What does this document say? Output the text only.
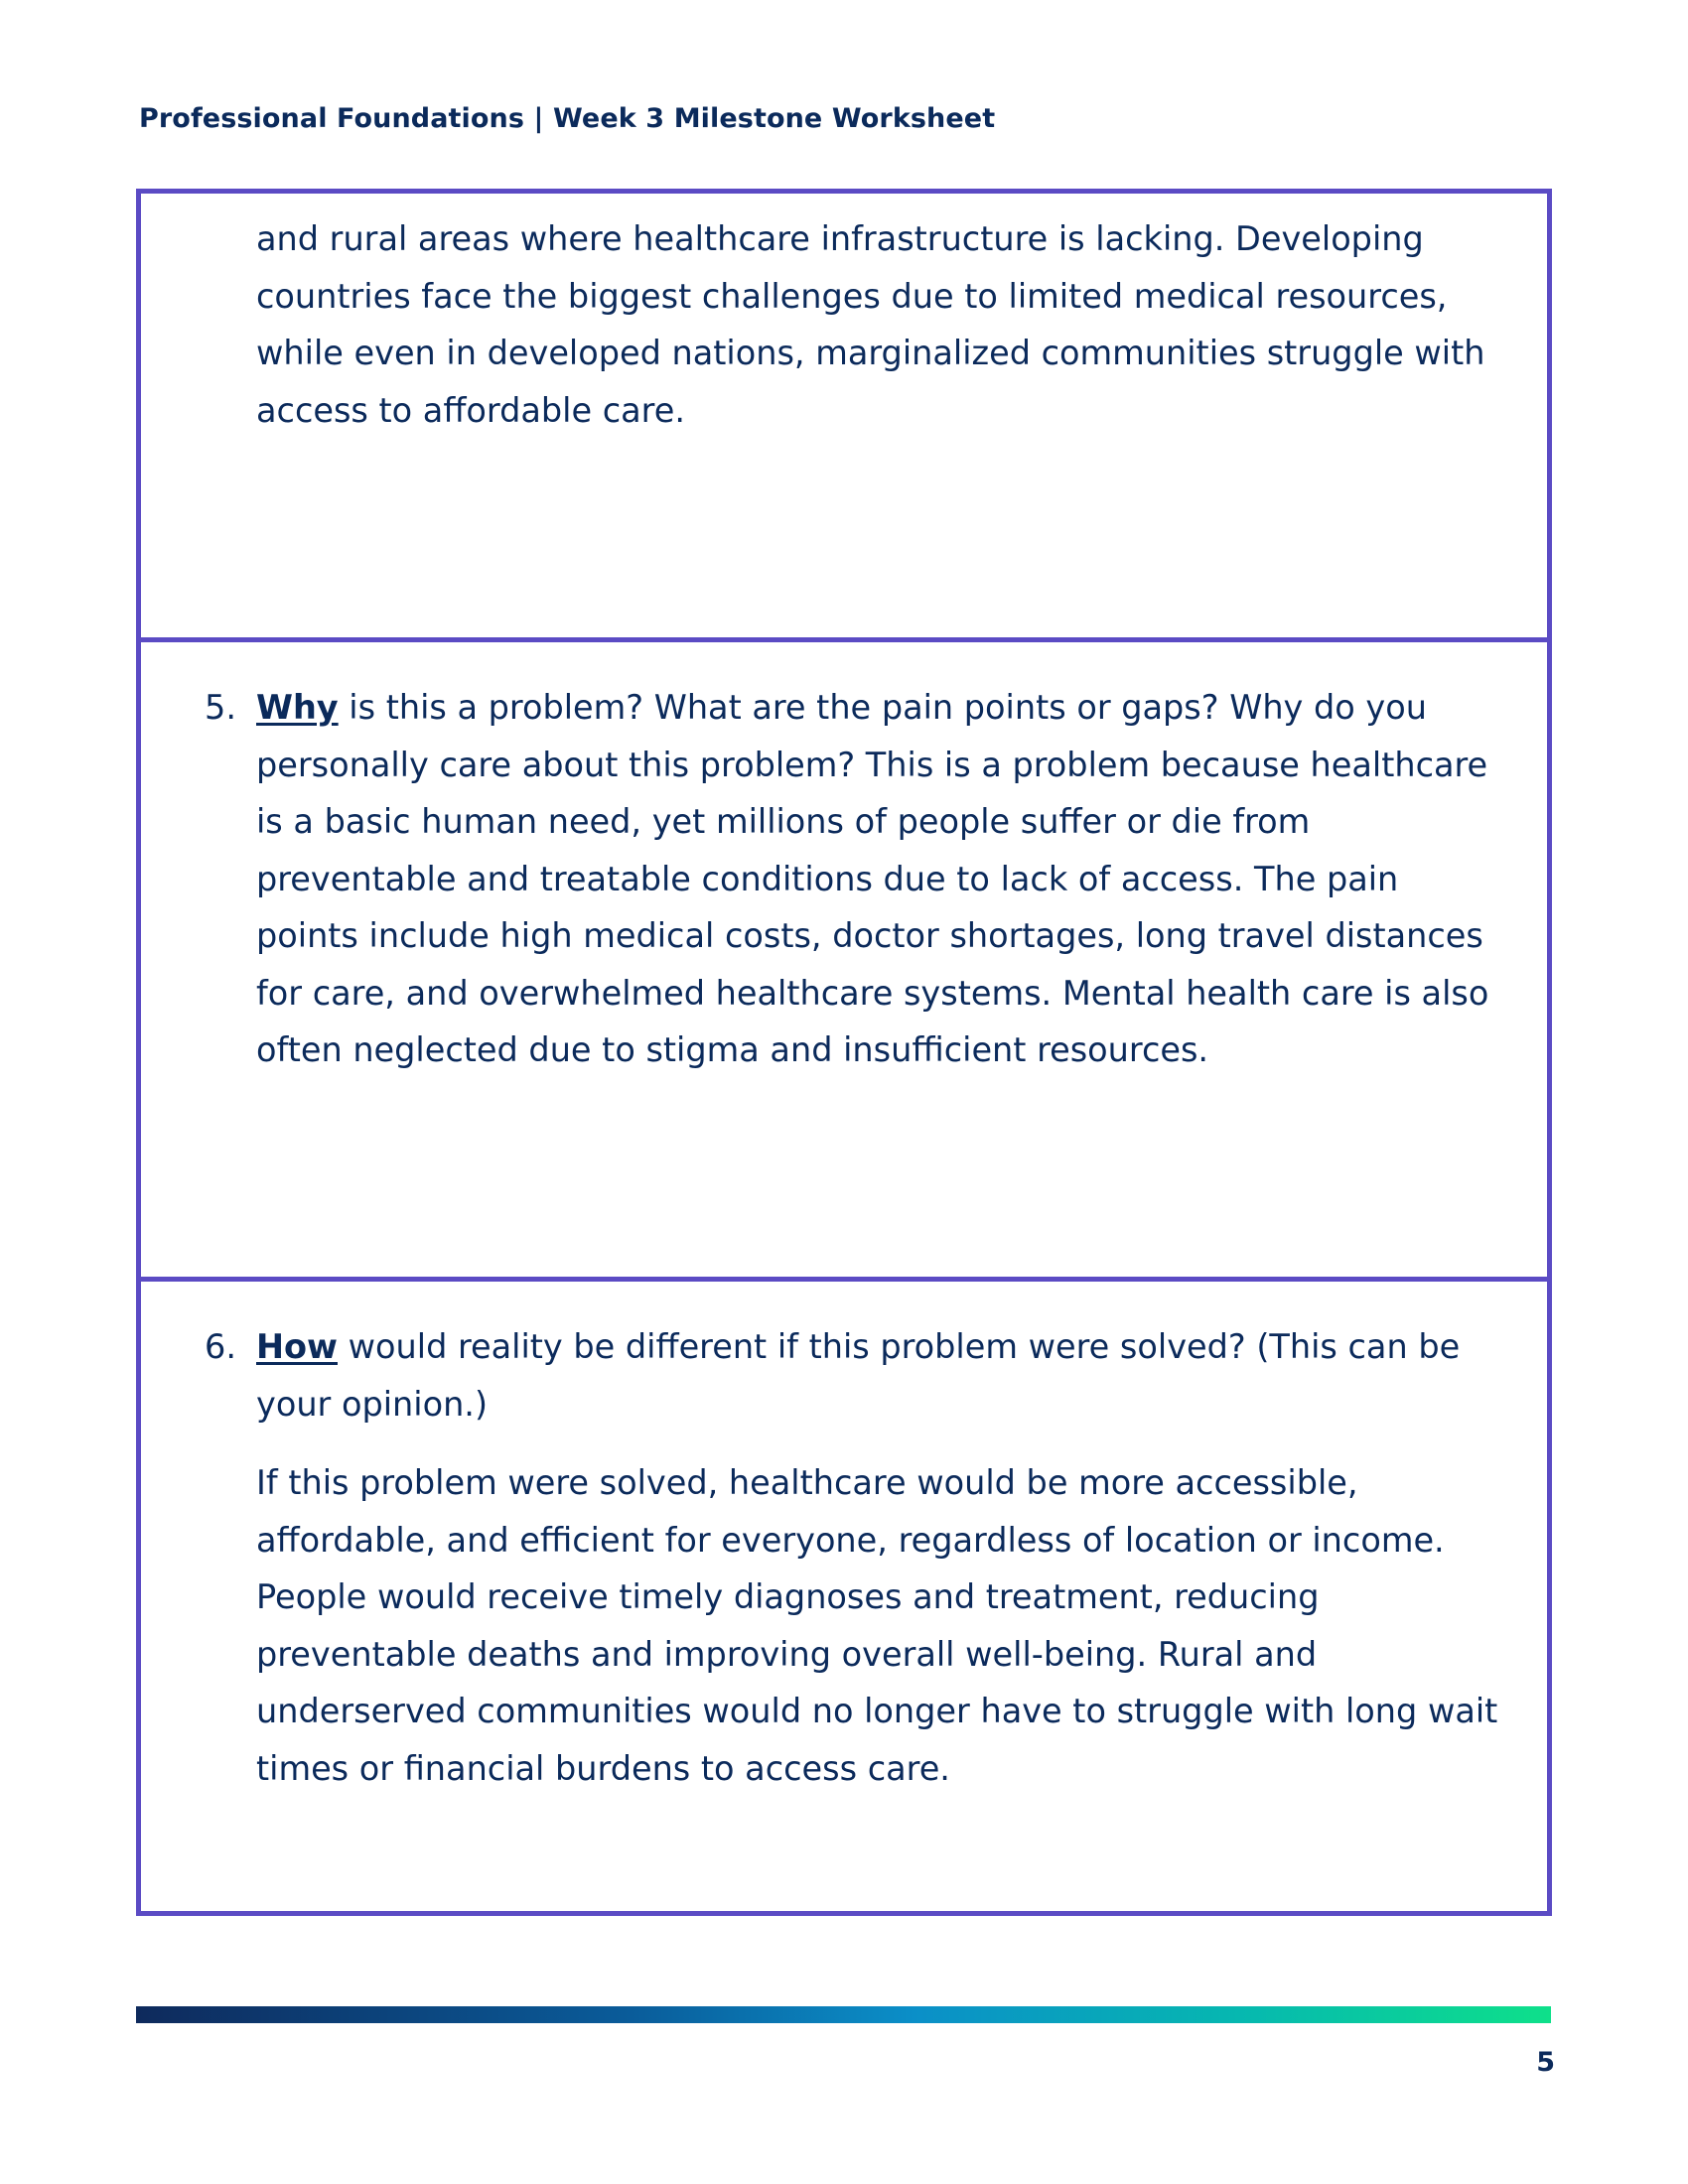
Professional Foundations | Week 3 Milestone Worksheet
and rural areas where healthcare infrastructure is lacking. Developing countries face the biggest challenges due to limited medical resources, while even in developed nations, marginalized communities struggle with access to affordable care.
5. Why is this a problem? What are the pain points or gaps? Why do you personally care about this problem? This is a problem because healthcare is a basic human need, yet millions of people suffer or die from preventable and treatable conditions due to lack of access. The pain points include high medical costs, doctor shortages, long travel distances for care, and overwhelmed healthcare systems. Mental health care is also often neglected due to stigma and insufficient resources.
6. How would reality be different if this problem were solved? (This can be your opinion.)
If this problem were solved, healthcare would be more accessible, affordable, and efficient for everyone, regardless of location or income. People would receive timely diagnoses and treatment, reducing preventable deaths and improving overall well-being. Rural and underserved communities would no longer have to struggle with long wait times or financial burdens to access care.
5
